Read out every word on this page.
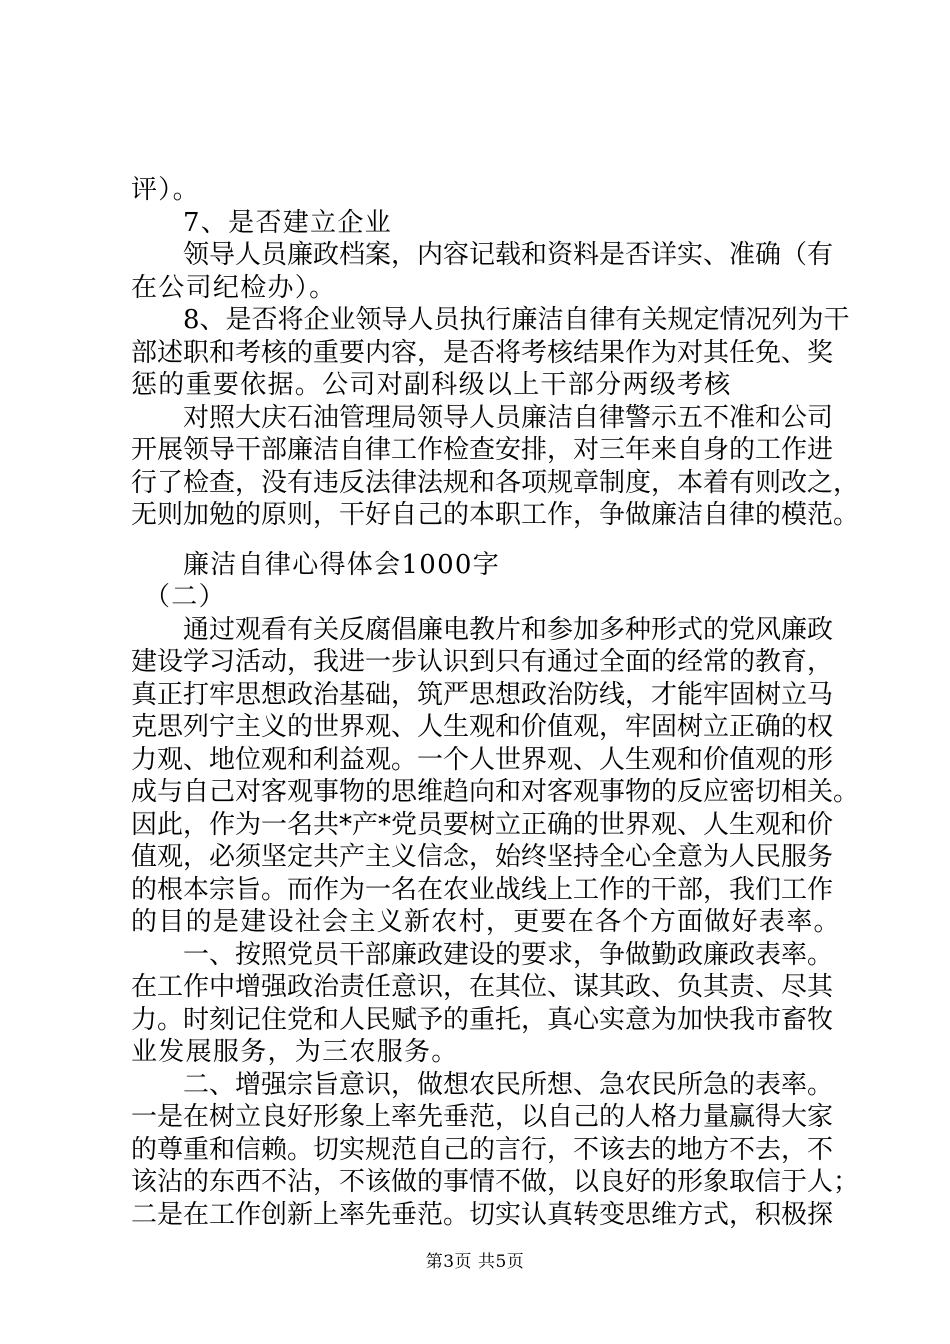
评）。
7、是否建立企业
领导人员廉政档案，内容记载和资料是否详实、准确（有
在公司纪检办）。
8、是否将企业领导人员执行廉洁自律有关规定情况列为干
部述职和考核的重要内容，是否将考核结果作为对其任免、奖
惩的重要依据。公司对副科级以上干部分两级考核
对照大庆石油管理局领导人员廉洁自律警示五不准和公司
开展领导干部廉洁自律工作检查安排，对三年来自身的工作进
行了检查，没有违反法律法规和各项规章制度，本着有则改之，
无则加勉的原则，干好自己的本职工作，争做廉洁自律的模范。
廉洁自律心得体会1000字
（二）
通过观看有关反腐倡廉电教片和参加多种形式的党风廉政
建设学习活动，我进一步认识到只有通过全面的经常的教育，
真正打牢思想政治基础，筑严思想政治防线，才能牢固树立马
克思列宁主义的世界观、人生观和价值观，牢固树立正确的权
力观、地位观和利益观。一个人世界观、人生观和价值观的形
成与自己对客观事物的思维趋向和对客观事物的反应密切相关。
因此，作为一名共*产*党员要树立正确的世界观、人生观和价
值观，必须坚定共产主义信念，始终坚持全心全意为人民服务
的根本宗旨。而作为一名在农业战线上工作的干部，我们工作
的目的是建设社会主义新农村，更要在各个方面做好表率。
一、按照党员干部廉政建设的要求，争做勤政廉政表率。
在工作中增强政治责任意识，在其位、谋其政、负其责、尽其
力。时刻记住党和人民赋予的重托，真心实意为加快我市畜牧
业发展服务，为三农服务。
二、增强宗旨意识，做想农民所想、急农民所急的表率。
一是在树立良好形象上率先垂范，以自己的人格力量赢得大家
的尊重和信赖。切实规范自己的言行，不该去的地方不去，不
该沾的东西不沾，不该做的事情不做，以良好的形象取信于人；
二是在工作创新上率先垂范。切实认真转变思维方式，积极探
第3页 共5页
